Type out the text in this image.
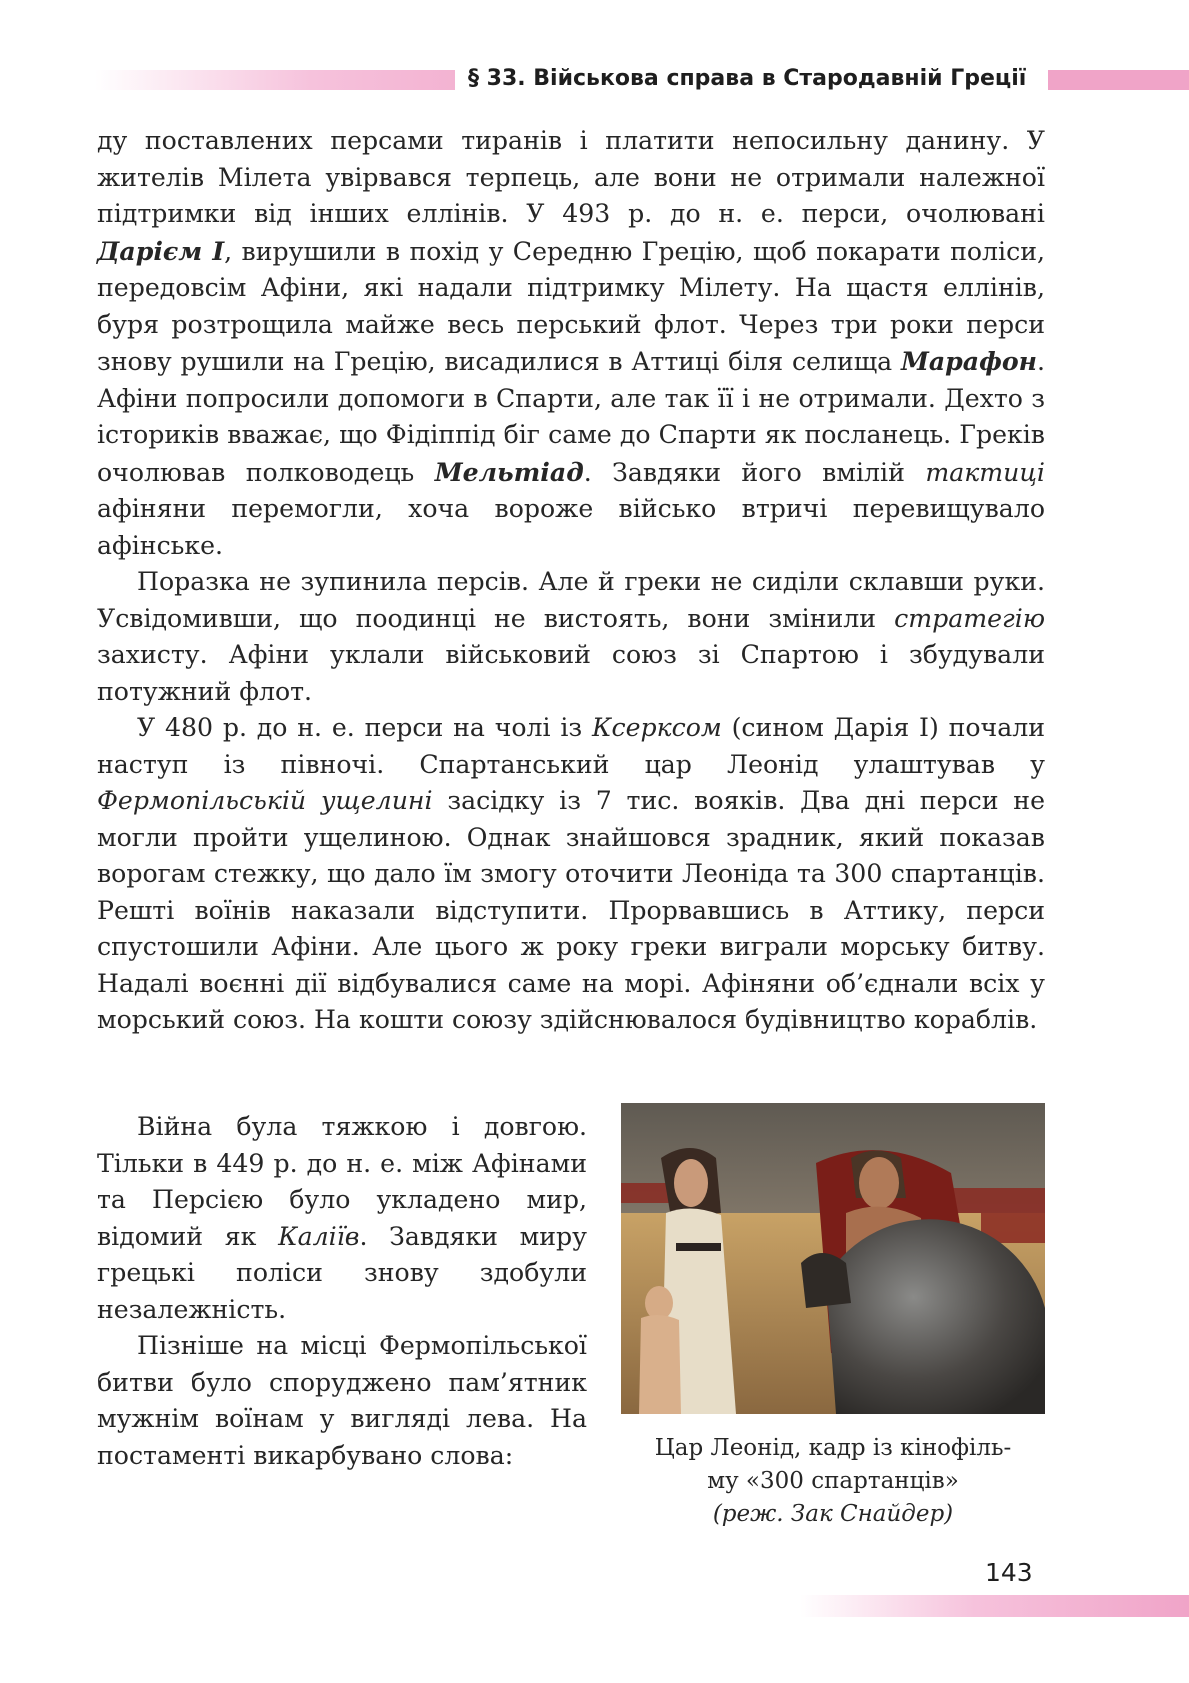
§ 33. Військова справа в Стародавній Греції

ду поставлених персами тиранів і платити непосильну данину. У жителів Мілета увірвався терпець, але вони не отримали належної підтримки від інших еллінів. У 493 р. до н. е. перси, очолювані Дарієм I, вирушили в похід у Середню Грецію, щоб покарати поліси, передовсім Афіни, які надали підтримку Мілету. На щастя еллінів, буря розтрощила майже весь перський флот. Через три роки перси знову рушили на Грецію, висадилися в Аттиці біля селища Марафон. Афіни попросили допомоги в Спарти, але так її і не отримали. Дехто з істориків вважає, що Фідіппід біг саме до Спарти як посланець. Греків очолював полководець Мельтіад. Завдяки його вмілій тактиці афіняни перемогли, хоча вороже військо втричі перевищувало афінське.

Поразка не зупинила персів. Але й греки не сиділи склавши руки. Усвідомивши, що поодинці не вистоять, вони змінили стратегію захисту. Афіни уклали військовий союз зі Спартою і збудували потужний флот.

У 480 р. до н. е. перси на чолі із Ксерксом (сином Дарія І) почали наступ із півночі. Спартанський цар Леонід улаштував у Фермопільській ущелині засідку із 7 тис. вояків. Два дні перси не могли пройти ущелиною. Однак знайшовся зрадник, який показав ворогам стежку, що дало їм змогу оточити Леоніда та 300 спартанців. Решті воїнів наказали відступити. Прорвавшись в Аттику, перси спустошили Афіни. Але цього ж року греки виграли морську битву. Надалі воєнні дії відбувалися саме на морі. Афіняни об’єднали всіх у морський союз. На кошти союзу здійснювалося будівництво кораблів.

Війна була тяжкою і довгою. Тільки в 449 р. до н. е. між Афінами та Персією було укладено мир, відомий як Каліїв. Завдяки миру грецькі поліси знову здобули незалежність.

Пізніше на місці Фермопільської битви було споруджено пам’ятник мужнім воїнам у вигляді лева. На постаменті викарбувано слова:	Цар Леонід, кадр із кінофіль-
му «300 спартанців»
(реж. Зак Снайдер)
143
